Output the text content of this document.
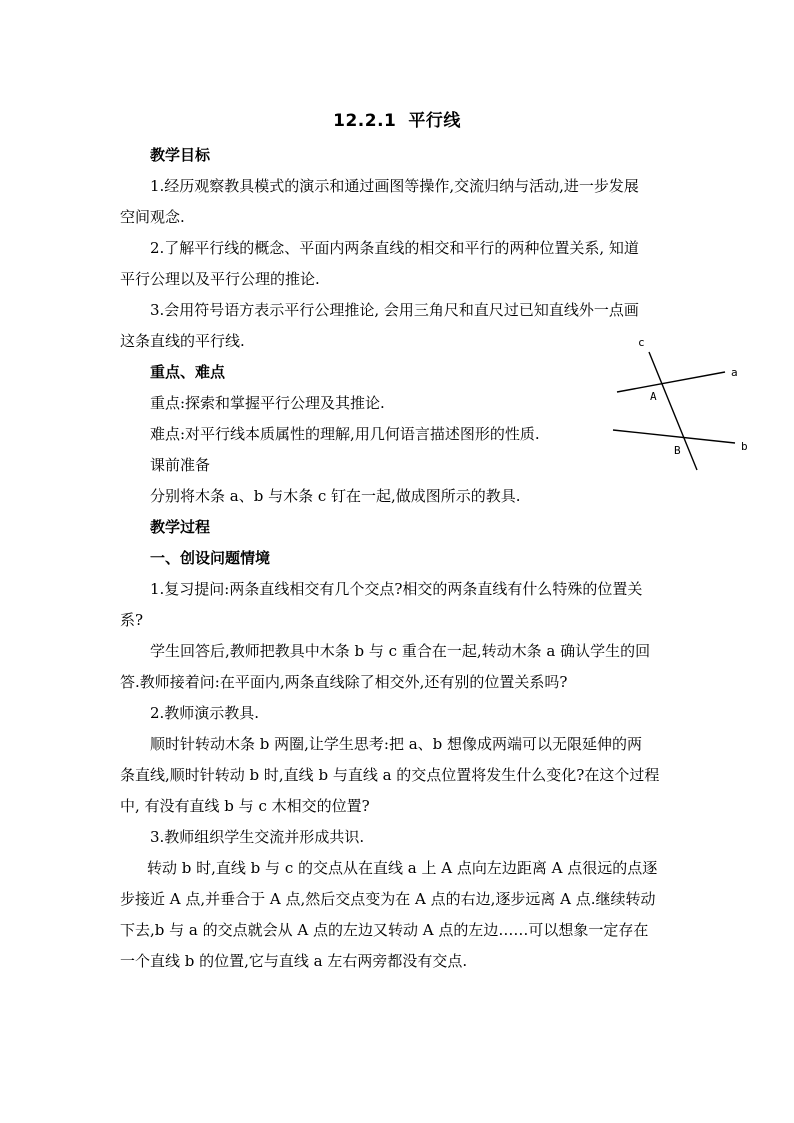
12.2.1 平行线
教学目标
1.经历观察教具模式的演示和通过画图等操作,交流归纳与活动,进一步发展
空间观念.
2.了解平行线的概念、平面内两条直线的相交和平行的两种位置关系, 知道
平行公理以及平行公理的推论.
3.会用符号语方表示平行公理推论, 会用三角尺和直尺过已知直线外一点画
这条直线的平行线.
重点、难点
重点:探索和掌握平行公理及其推论.
难点:对平行线本质属性的理解,用几何语言描述图形的性质.
课前准备
分别将木条 a、b 与木条 c 钉在一起,做成图所示的教具.
教学过程
一、创设问题情境
1.复习提问:两条直线相交有几个交点?相交的两条直线有什么特殊的位置关
系?
学生回答后,教师把教具中木条 b 与 c 重合在一起,转动木条 a 确认学生的回
答.教师接着问:在平面内,两条直线除了相交外,还有别的位置关系吗?
2.教师演示教具.
顺时针转动木条 b 两圈,让学生思考:把 a、b 想像成两端可以无限延伸的两
条直线,顺时针转动 b 时,直线 b 与直线 a 的交点位置将发生什么变化?在这个过程
中, 有没有直线 b 与 c 木相交的位置?
3.教师组织学生交流并形成共识.
转动 b 时,直线 b 与 c 的交点从在直线 a 上 A 点向左边距离 A 点很远的点逐
步接近 A 点,并垂合于 A 点,然后交点变为在 A 点的右边,逐步远离 A 点.继续转动
下去,b 与 a 的交点就会从 A 点的左边又转动 A 点的左边……可以想象一定存在
一个直线 b 的位置,它与直线 a 左右两旁都没有交点.
c
a
A
B	b
